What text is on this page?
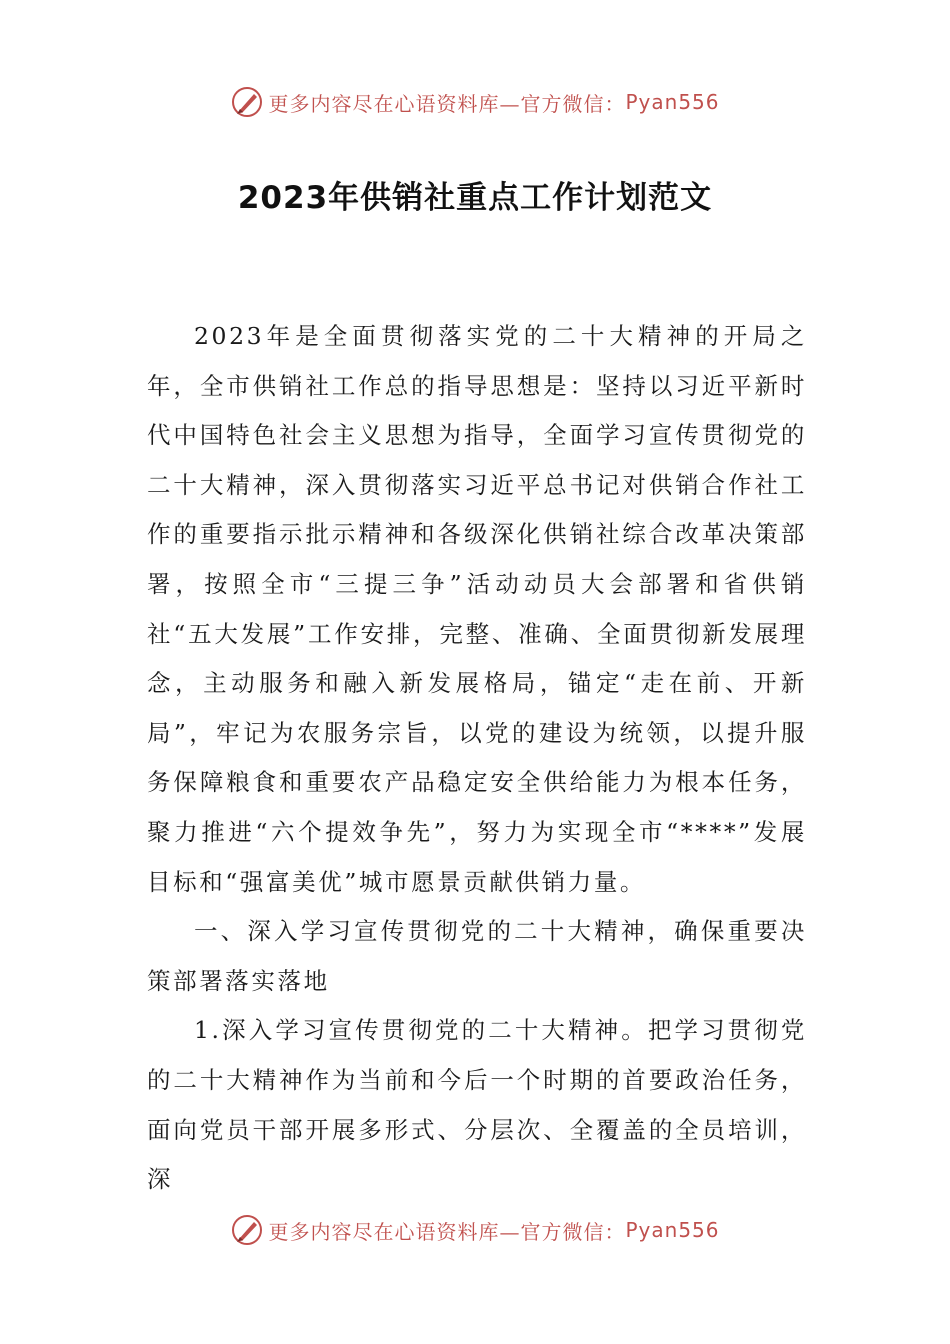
更多内容尽在心语资料库—官方微信： Pyan556
2023年供销社重点工作计划范文

2023年是全面贯彻落实党的二十大精神的开局之年，全市供销社工作总的指导思想是：坚持以习近平新时代中国特色社会主义思想为指导，全面学习宣传贯彻党的二十大精神，深入贯彻落实习近平总书记对供销合作社工作的重要指示批示精神和各级深化供销社综合改革决策部署，按照全市“三提三争”活动动员大会部署和省供销社“五大发展”工作安排，完整、准确、全面贯彻新发展理念，主动服务和融入新发展格局，锚定“走在前、开新局”，牢记为农服务宗旨，以党的建设为统领，以提升服务保障粮食和重要农产品稳定安全供给能力为根本任务，聚力推进“六个提效争先”，努力为实现全市“****”发展目标和“强富美优”城市愿景贡献供销力量。

一、深入学习宣传贯彻党的二十大精神，确保重要决策部署落实落地

1.深入学习宣传贯彻党的二十大精神。把学习贯彻党的二十大精神作为当前和今后一个时期的首要政治任务，面向党员干部开展多形式、分层次、全覆盖的全员培训，深

更多内容尽在心语资料库—官方微信： Pyan556
